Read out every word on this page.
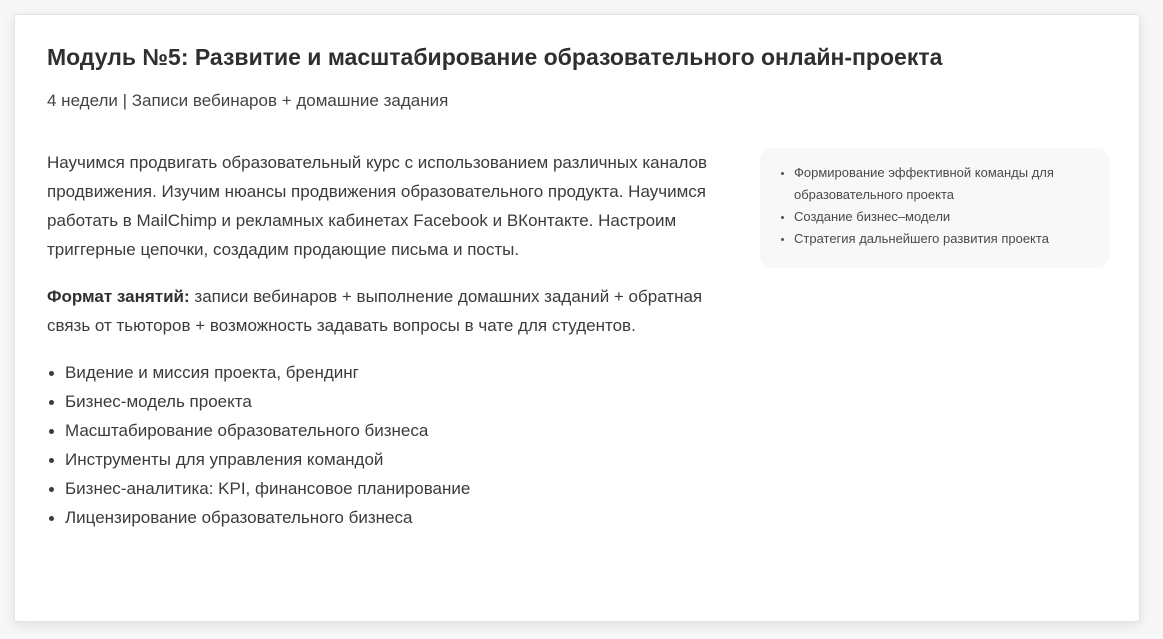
Модуль №5: Развитие и масштабирование образовательного онлайн-проекта

4 недели | Записи вебинаров + домашние задания

Научимся продвигать образовательный курс с использованием различных каналов продвижения. Изучим нюансы продвижения образовательного продукта. Научимся работать в MailChimp и рекламных кабинетах Facebook и ВКонтакте. Настроим триггерные цепочки, создадим продающие письма и посты.

Формат занятий: записи вебинаров + выполнение домашних заданий + обратная связь от тьюторов + возможность задавать вопросы в чате для студентов.

Видение и миссия проекта, брендинг
Бизнес-модель проекта
Масштабирование образовательного бизнеса
Инструменты для управления командой
Бизнес-аналитика: KPI, финансовое планирование
Лицензирование образовательного бизнеса
Формирование эффективной команды для образовательного проекта
Создание бизнес–модели
Стратегия дальнейшего развития проекта
